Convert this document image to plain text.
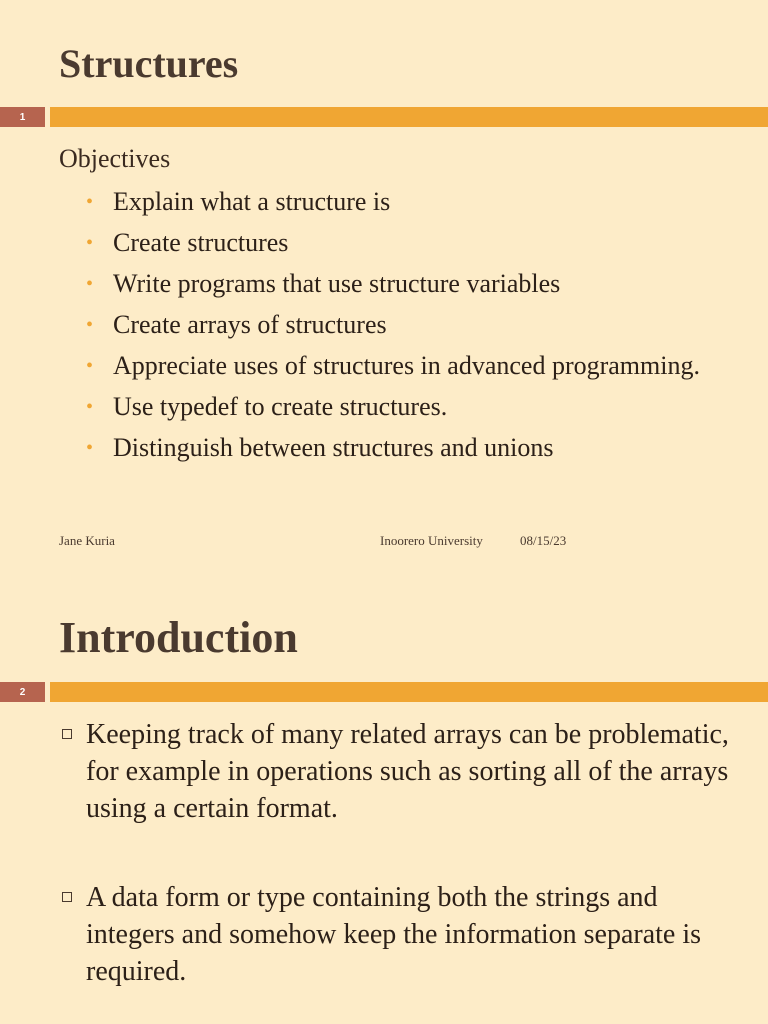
Structures
1

Objectives

• Explain what a structure is
• Create structures
• Write programs that use structure variables
• Create arrays of structures
• Appreciate uses of structures in advanced programming.
• Use typedef to create structures.
• Distinguish between structures and unions
Jane Kuria	Inoorero University	08/15/23
Introduction
2
Keeping track of many related arrays can be problematic, for example in operations such as sorting all of the arrays using a certain format.
A data form or type containing both the strings and integers and somehow keep the information separate is required.
